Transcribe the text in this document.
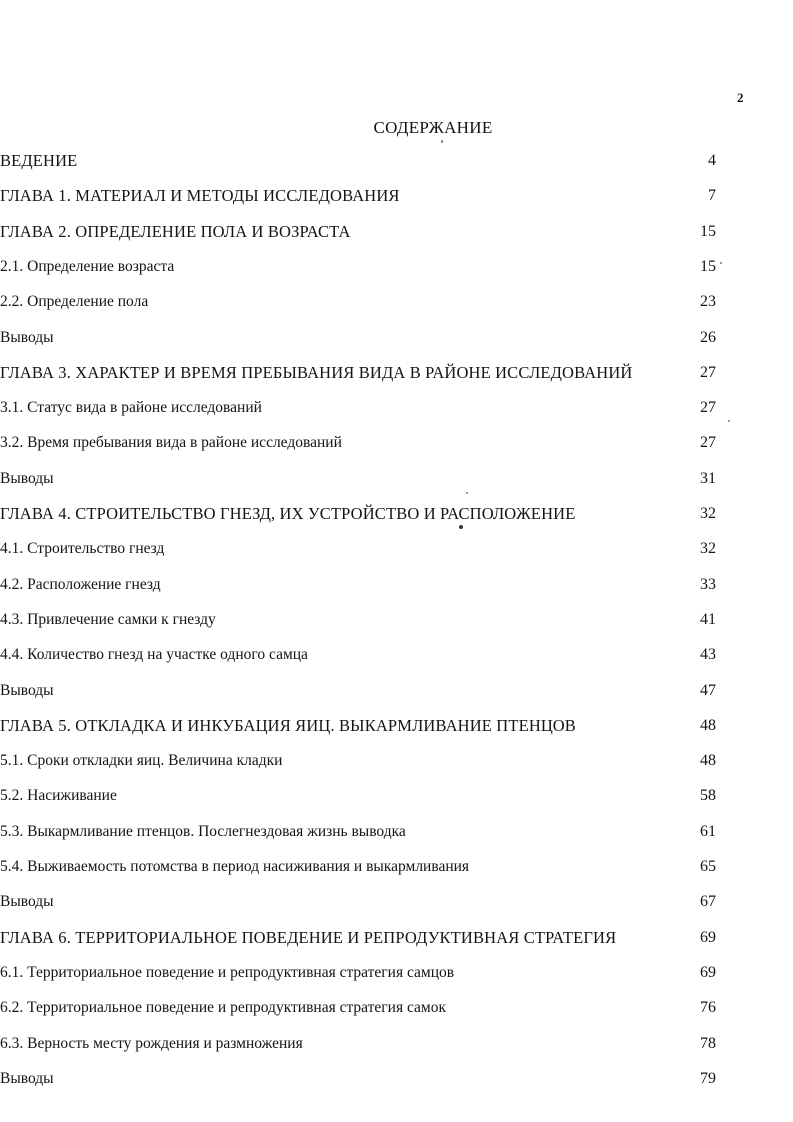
2
СОДЕРЖАНИЕ
ВЕДЕНИЕ	4
ГЛАВА 1. МАТЕРИАЛ И МЕТОДЫ ИССЛЕДОВАНИЯ	7
ГЛАВА 2. ОПРЕДЕЛЕНИЕ ПОЛА И ВОЗРАСТА	15
2.1. Определение возраста	15
2.2. Определение пола	23
Выводы	26
ГЛАВА 3. ХАРАКТЕР И ВРЕМЯ ПРЕБЫВАНИЯ ВИДА В РАЙОНЕ ИССЛЕДОВАНИЙ	27
3.1. Статус вида в районе исследований	27
3.2. Время пребывания вида в районе исследований	27
Выводы	31
ГЛАВА 4. СТРОИТЕЛЬСТВО ГНЕЗД, ИХ УСТРОЙСТВО И РАСПОЛОЖЕНИЕ	32
4.1. Строительство гнезд	32
4.2. Расположение гнезд	33
4.3. Привлечение самки к гнезду	41
4.4. Количество гнезд на участке одного самца	43
Выводы	47
ГЛАВА 5. ОТКЛАДКА И ИНКУБАЦИЯ ЯИЦ. ВЫКАРМЛИВАНИЕ ПТЕНЦОВ	48
5.1. Сроки откладки яиц. Величина кладки	48
5.2. Насиживание	58
5.3. Выкармливание птенцов. Послегнездовая жизнь выводка	61
5.4. Выживаемость потомства в период насиживания и выкармливания	65
Выводы	67
ГЛАВА 6. ТЕРРИТОРИАЛЬНОЕ ПОВЕДЕНИЕ И РЕПРОДУКТИВНАЯ СТРАТЕГИЯ	69
6.1. Территориальное поведение и репродуктивная стратегия самцов	69
6.2. Территориальное поведение и репродуктивная стратегия самок	76
6.3. Верность месту рождения и размножения	78
Выводы	79
